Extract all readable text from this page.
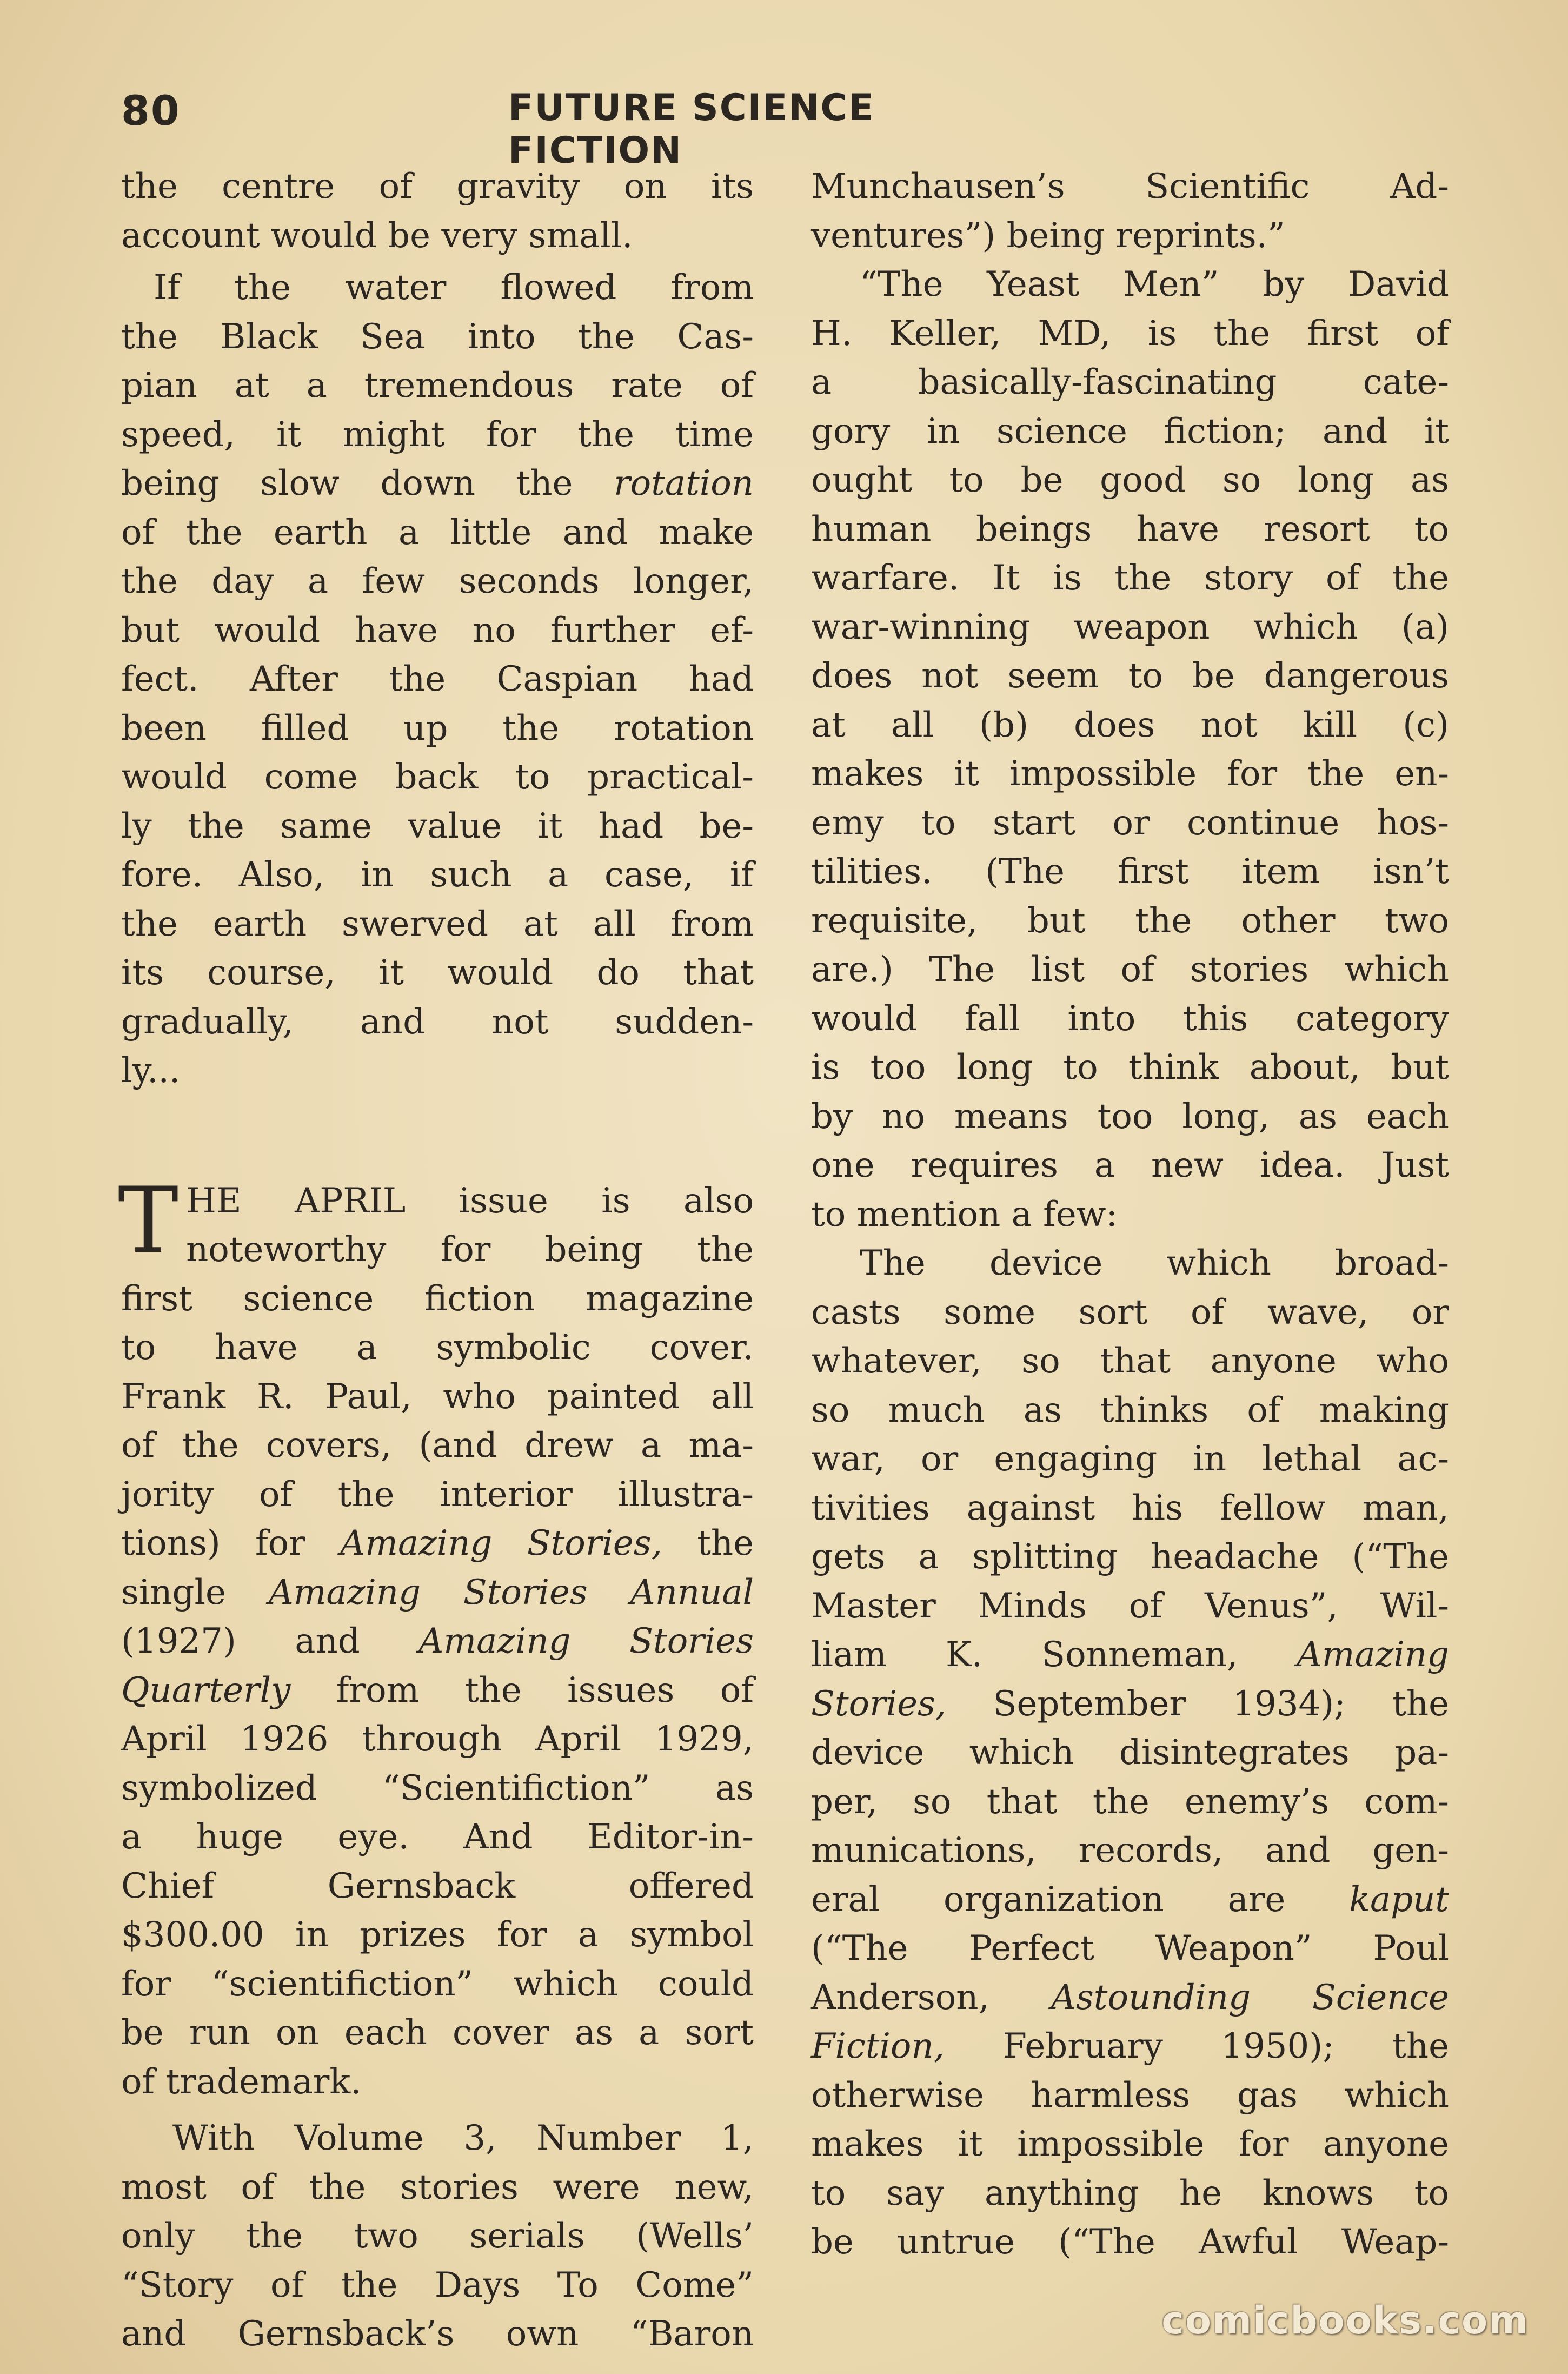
80	FUTURE SCIENCE FICTION

the centre of gravity on its
account would be very small.

If the water flowed from
the Black Sea into the Cas-
pian at a tremendous rate of
speed, it might for the time
being slow down the rotation
of the earth a little and make
the day a few seconds longer,
but would have no further ef-
fect. After the Caspian had
been filled up the rotation
would come back to practical-
ly the same value it had be-
fore. Also, in such a case, if
the earth swerved at all from
its course, it would do that
gradually, and not sudden-
ly...

T HE APRIL issue is also
noteworthy for being the
first science fiction magazine
to have a symbolic cover.
Frank R. Paul, who painted all
of the covers, (and drew a ma-
jority of the interior illustra-
tions) for Amazing Stories, the
single Amazing Stories Annual
(1927) and Amazing Stories
Quarterly from the issues of
April 1926 through April 1929,
symbolized “Scientifiction” as
a huge eye. And Editor-in-
Chief Gernsback offered
$300.00 in prizes for a symbol
for “scientifiction” which could
be run on each cover as a sort
of trademark.

With Volume 3, Number 1,
most of the stories were new,
only the two serials (Wells’
“Story of the Days To Come”
and Gernsback’s own “Baron

Munchausen’s Scientific Ad-
ventures”) being reprints.”

“The Yeast Men” by David
H. Keller, MD, is the first of
a basically-fascinating cate-
gory in science fiction; and it
ought to be good so long as
human beings have resort to
warfare. It is the story of the
war-winning weapon which (a)
does not seem to be dangerous
at all (b) does not kill (c)
makes it impossible for the en-
emy to start or continue hos-
tilities. (The first item isn’t
requisite, but the other two
are.) The list of stories which
would fall into this category
is too long to think about, but
by no means too long, as each
one requires a new idea. Just
to mention a few:

The device which broad-
casts some sort of wave, or
whatever, so that anyone who
so much as thinks of making
war, or engaging in lethal ac-
tivities against his fellow man,
gets a splitting headache (“The
Master Minds of Venus”, Wil-
liam K. Sonneman, Amazing
Stories, September 1934); the
device which disintegrates pa-
per, so that the enemy’s com-
munications, records, and gen-
eral organization are kaput
(“The Perfect Weapon” Poul
Anderson, Astounding Science
Fiction, February 1950); the
otherwise harmless gas which
makes it impossible for anyone
to say anything he knows to
be untrue (“The Awful Weap-

comicbooks.com
